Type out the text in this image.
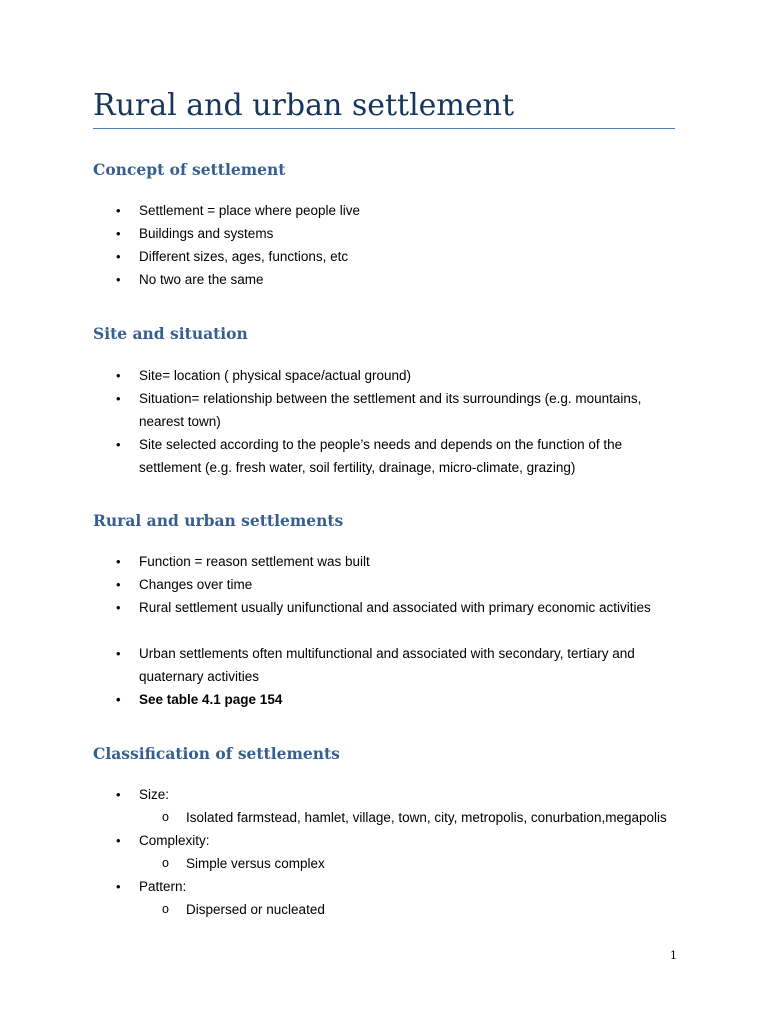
Rural and urban settlement
Concept of settlement
•	Settlement = place where people live
•	Buildings and systems
•	Different sizes, ages, functions, etc
•	No two are the same
Site and situation
•	Site= location ( physical space/actual ground)
•	Situation= relationship between the settlement and its surroundings (e.g. mountains, nearest town)
•	Site selected according to the people’s needs and depends on the function of the settlement (e.g. fresh water, soil fertility, drainage, micro-climate, grazing)
Rural and urban settlements
•	Function = reason settlement was built
•	Changes over time
•	Rural settlement usually unifunctional and associated with primary economic activities
•	Urban settlements often multifunctional and associated with secondary, tertiary and quaternary activities
•	See table 4.1 page 154
Classification of settlements
•	Size:
o Isolated farmstead, hamlet, village, town, city, metropolis, conurbation,megapolis
•	Complexity:
o Simple versus complex
•	Pattern:
o Dispersed or nucleated
1
